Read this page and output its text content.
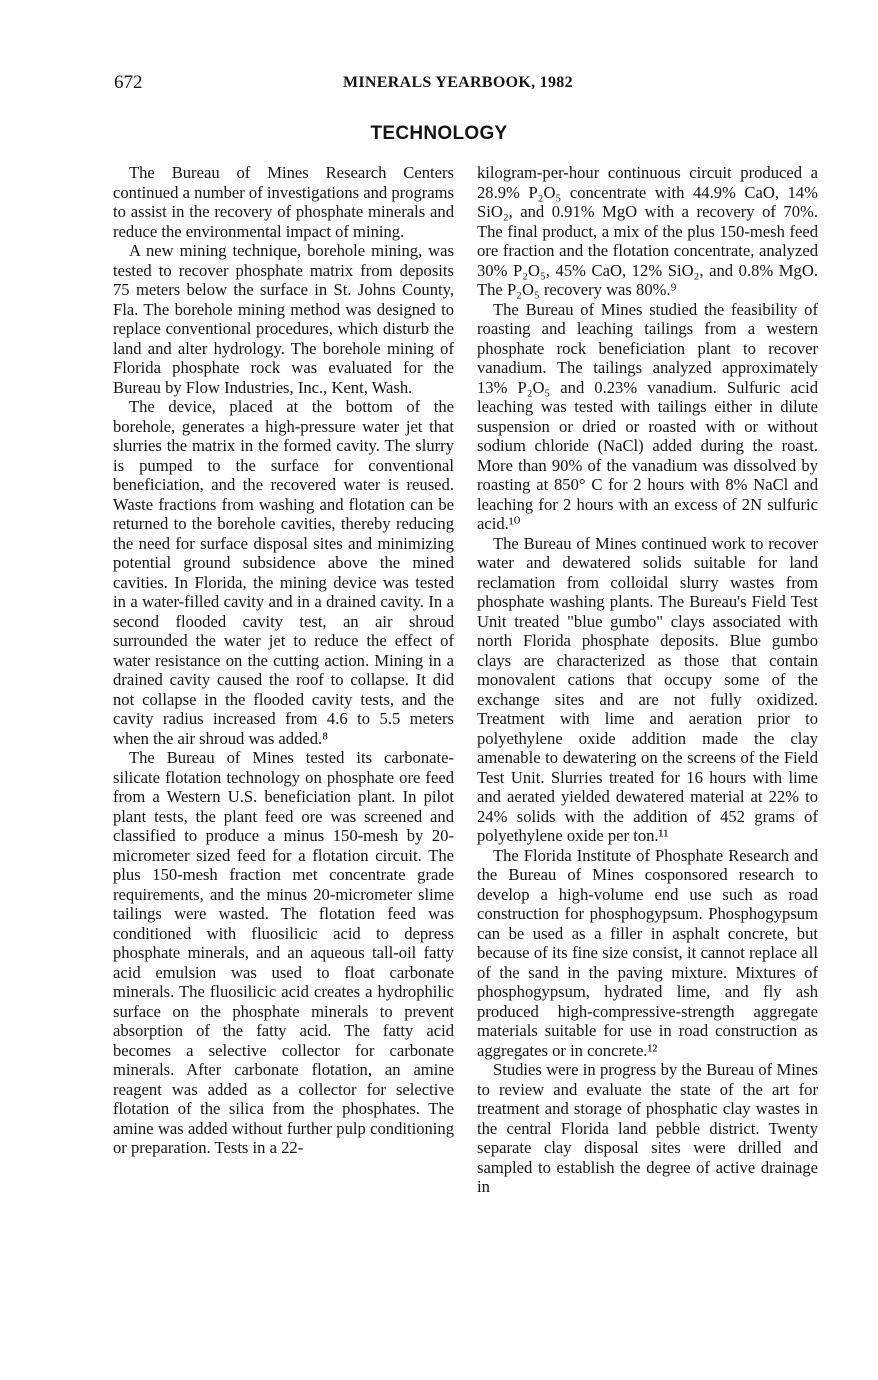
672	MINERALS YEARBOOK, 1982
TECHNOLOGY

The Bureau of Mines Research Centers continued a number of investigations and programs to assist in the recovery of phosphate minerals and reduce the environmental impact of mining.

A new mining technique, borehole mining, was tested to recover phosphate matrix from deposits 75 meters below the surface in St. Johns County, Fla. The borehole mining method was designed to replace conventional procedures, which disturb the land and alter hydrology. The borehole mining of Florida phosphate rock was evaluated for the Bureau by Flow Industries, Inc., Kent, Wash.

The device, placed at the bottom of the borehole, generates a high-pressure water jet that slurries the matrix in the formed cavity. The slurry is pumped to the surface for conventional beneficiation, and the recovered water is reused. Waste fractions from washing and flotation can be returned to the borehole cavities, thereby reducing the need for surface disposal sites and minimizing potential ground subsidence above the mined cavities. In Florida, the mining device was tested in a water-filled cavity and in a drained cavity. In a second flooded cavity test, an air shroud surrounded the water jet to reduce the effect of water resistance on the cutting action. Mining in a drained cavity caused the roof to collapse. It did not collapse in the flooded cavity tests, and the cavity radius increased from 4.6 to 5.5 meters when the air shroud was added.⁸

The Bureau of Mines tested its carbonate-silicate flotation technology on phosphate ore feed from a Western U.S. beneficiation plant. In pilot plant tests, the plant feed ore was screened and classified to produce a minus 150-mesh by 20-micrometer sized feed for a flotation circuit. The plus 150-mesh fraction met concentrate grade requirements, and the minus 20-micrometer slime tailings were wasted. The flotation feed was conditioned with fluosilicic acid to depress phosphate minerals, and an aqueous tall-oil fatty acid emulsion was used to float carbonate minerals. The fluosilicic acid creates a hydrophilic surface on the phosphate minerals to prevent absorption of the fatty acid. The fatty acid becomes a selective collector for carbonate minerals. After carbonate flotation, an amine reagent was added as a collector for selective flotation of the silica from the phosphates. The amine was added without further pulp conditioning or preparation. Tests in a 22-

kilogram-per-hour continuous circuit produced a 28.9% P₂O₅ concentrate with 44.9% CaO, 14% SiO₂, and 0.91% MgO with a recovery of 70%. The final product, a mix of the plus 150-mesh feed ore fraction and the flotation concentrate, analyzed 30% P₂O₅, 45% CaO, 12% SiO₂, and 0.8% MgO. The P₂O₅ recovery was 80%.⁹

The Bureau of Mines studied the feasibility of roasting and leaching tailings from a western phosphate rock beneficiation plant to recover vanadium. The tailings analyzed approximately 13% P₂O₅ and 0.23% vanadium. Sulfuric acid leaching was tested with tailings either in dilute suspension or dried or roasted with or without sodium chloride (NaCl) added during the roast. More than 90% of the vanadium was dissolved by roasting at 850° C for 2 hours with 8% NaCl and leaching for 2 hours with an excess of 2N sulfuric acid.¹⁰

The Bureau of Mines continued work to recover water and dewatered solids suitable for land reclamation from colloidal slurry wastes from phosphate washing plants. The Bureau's Field Test Unit treated "blue gumbo" clays associated with north Florida phosphate deposits. Blue gumbo clays are characterized as those that contain monovalent cations that occupy some of the exchange sites and are not fully oxidized. Treatment with lime and aeration prior to polyethylene oxide addition made the clay amenable to dewatering on the screens of the Field Test Unit. Slurries treated for 16 hours with lime and aerated yielded dewatered material at 22% to 24% solids with the addition of 452 grams of polyethylene oxide per ton.¹¹

The Florida Institute of Phosphate Research and the Bureau of Mines cosponsored research to develop a high-volume end use such as road construction for phosphogypsum. Phosphogypsum can be used as a filler in asphalt concrete, but because of its fine size consist, it cannot replace all of the sand in the paving mixture. Mixtures of phosphogypsum, hydrated lime, and fly ash produced high-compressive-strength aggregate materials suitable for use in road construction as aggregates or in concrete.¹²

Studies were in progress by the Bureau of Mines to review and evaluate the state of the art for treatment and storage of phosphatic clay wastes in the central Florida land pebble district. Twenty separate clay disposal sites were drilled and sampled to establish the degree of active drainage in
